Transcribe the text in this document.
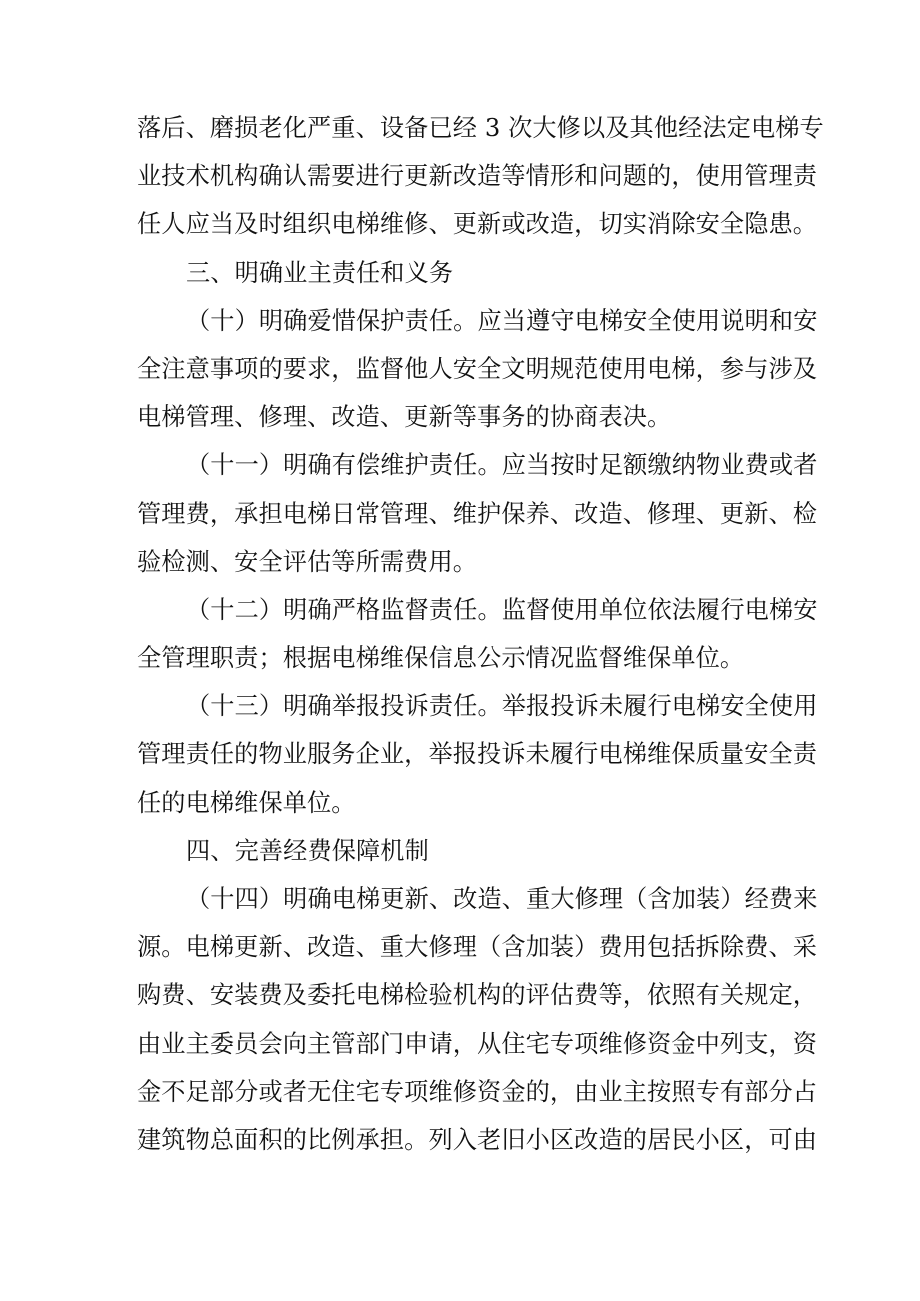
落后、磨损老化严重、设备已经 3 次大修以及其他经法定电梯专
业技术机构确认需要进行更新改造等情形和问题的，使用管理责
任人应当及时组织电梯维修、更新或改造，切实消除安全隐患。
三、明确业主责任和义务
（十）明确爱惜保护责任。应当遵守电梯安全使用说明和安
全注意事项的要求，监督他人安全文明规范使用电梯，参与涉及
电梯管理、修理、改造、更新等事务的协商表决。
（十一）明确有偿维护责任。应当按时足额缴纳物业费或者
管理费，承担电梯日常管理、维护保养、改造、修理、更新、检
验检测、安全评估等所需费用。
（十二）明确严格监督责任。监督使用单位依法履行电梯安
全管理职责；根据电梯维保信息公示情况监督维保单位。
（十三）明确举报投诉责任。举报投诉未履行电梯安全使用
管理责任的物业服务企业，举报投诉未履行电梯维保质量安全责
任的电梯维保单位。
四、完善经费保障机制
（十四）明确电梯更新、改造、重大修理（含加装）经费来
源。电梯更新、改造、重大修理（含加装）费用包括拆除费、采
购费、安装费及委托电梯检验机构的评估费等，依照有关规定，
由业主委员会向主管部门申请，从住宅专项维修资金中列支，资
金不足部分或者无住宅专项维修资金的，由业主按照专有部分占
建筑物总面积的比例承担。列入老旧小区改造的居民小区，可由
